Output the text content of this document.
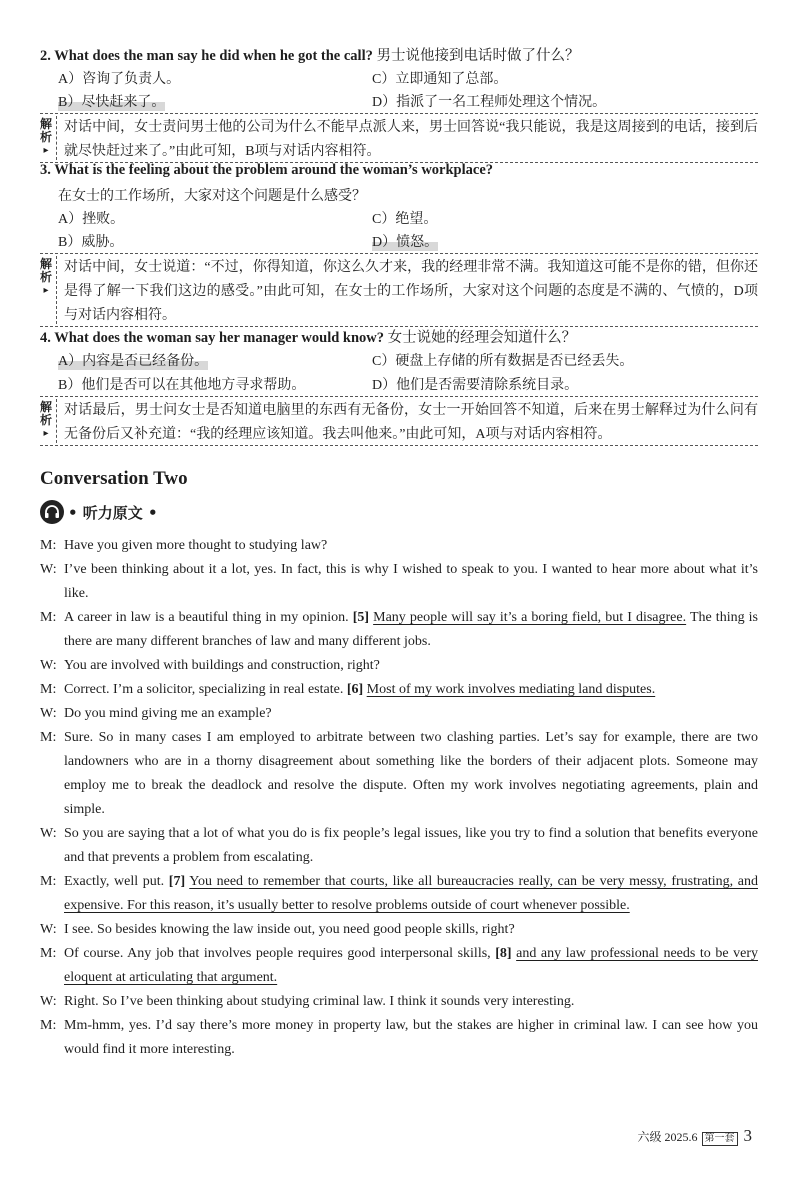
2. What does the man say he did when he got the call? 男士说他接到电话时做了什么？
A）咨询了负责人。	C）立即通知了总部。
B）尽快赶来了。	D）指派了一名工程师处理这个情况。
解析
▸
对话中间，女士责问男士他的公司为什么不能早点派人来，男士回答说“我只能说，我是这周接到的电话，接到后就尽快赶过来了。”由此可知，B项与对话内容相符。
3. What is the feeling about the problem around the woman’s workplace?
在女士的工作场所，大家对这个问题是什么感受？
A）挫败。	C）绝望。
B）威胁。	D）愤怒。
解析
▸
对话中间，女士说道：“不过，你得知道，你这么久才来，我的经理非常不满。我知道这可能不是你的错，但你还是得了解一下我们这边的感受。”由此可知，在女士的工作场所，大家对这个问题的态度是不满的、气愤的，D项与对话内容相符。
4. What does the woman say her manager would know? 女士说她的经理会知道什么？
A）内容是否已经备份。	C）硬盘上存储的所有数据是否已经丢失。
B）他们是否可以在其他地方寻求帮助。	D）他们是否需要清除系统目录。
解析
▸
对话最后，男士问女士是否知道电脑里的东西有无备份，女士一开始回答不知道，后来在男士解释过为什么问有无备份后又补充道：“我的经理应该知道。我去叫他来。”由此可知，A项与对话内容相符。
Conversation Two
• 听力原文 •
M: Have you given more thought to studying law?
W: I’ve been thinking about it a lot, yes. In fact, this is why I wished to speak to you. I wanted to hear more about what it’s like.
M: A career in law is a beautiful thing in my opinion. [5] Many people will say it’s a boring field, but I disagree. The thing is there are many different branches of law and many different jobs.
W: You are involved with buildings and construction, right?
M: Correct. I’m a solicitor, specializing in real estate. [6] Most of my work involves mediating land disputes.
W: Do you mind giving me an example?
M: Sure. So in many cases I am employed to arbitrate between two clashing parties. Let’s say for example, there are two landowners who are in a thorny disagreement about something like the borders of their adjacent plots. Someone may employ me to break the deadlock and resolve the dispute. Often my work involves negotiating agreements, plain and simple.
W: So you are saying that a lot of what you do is fix people’s legal issues, like you try to find a solution that benefits everyone and that prevents a problem from escalating.
M: Exactly, well put. [7] You need to remember that courts, like all bureaucracies really, can be very messy, frustrating, and expensive. For this reason, it’s usually better to resolve problems outside of court whenever possible.
W: I see. So besides knowing the law inside out, you need good people skills, right?
M: Of course. Any job that involves people requires good interpersonal skills, [8] and any law professional needs to be very eloquent at articulating that argument.
W: Right. So I’ve been thinking about studying criminal law. I think it sounds very interesting.
M: Mm-hmm, yes. I’d say there’s more money in property law, but the stakes are higher in criminal law. I can see how you would find it more interesting.
六级 2025.6 第一套 3
